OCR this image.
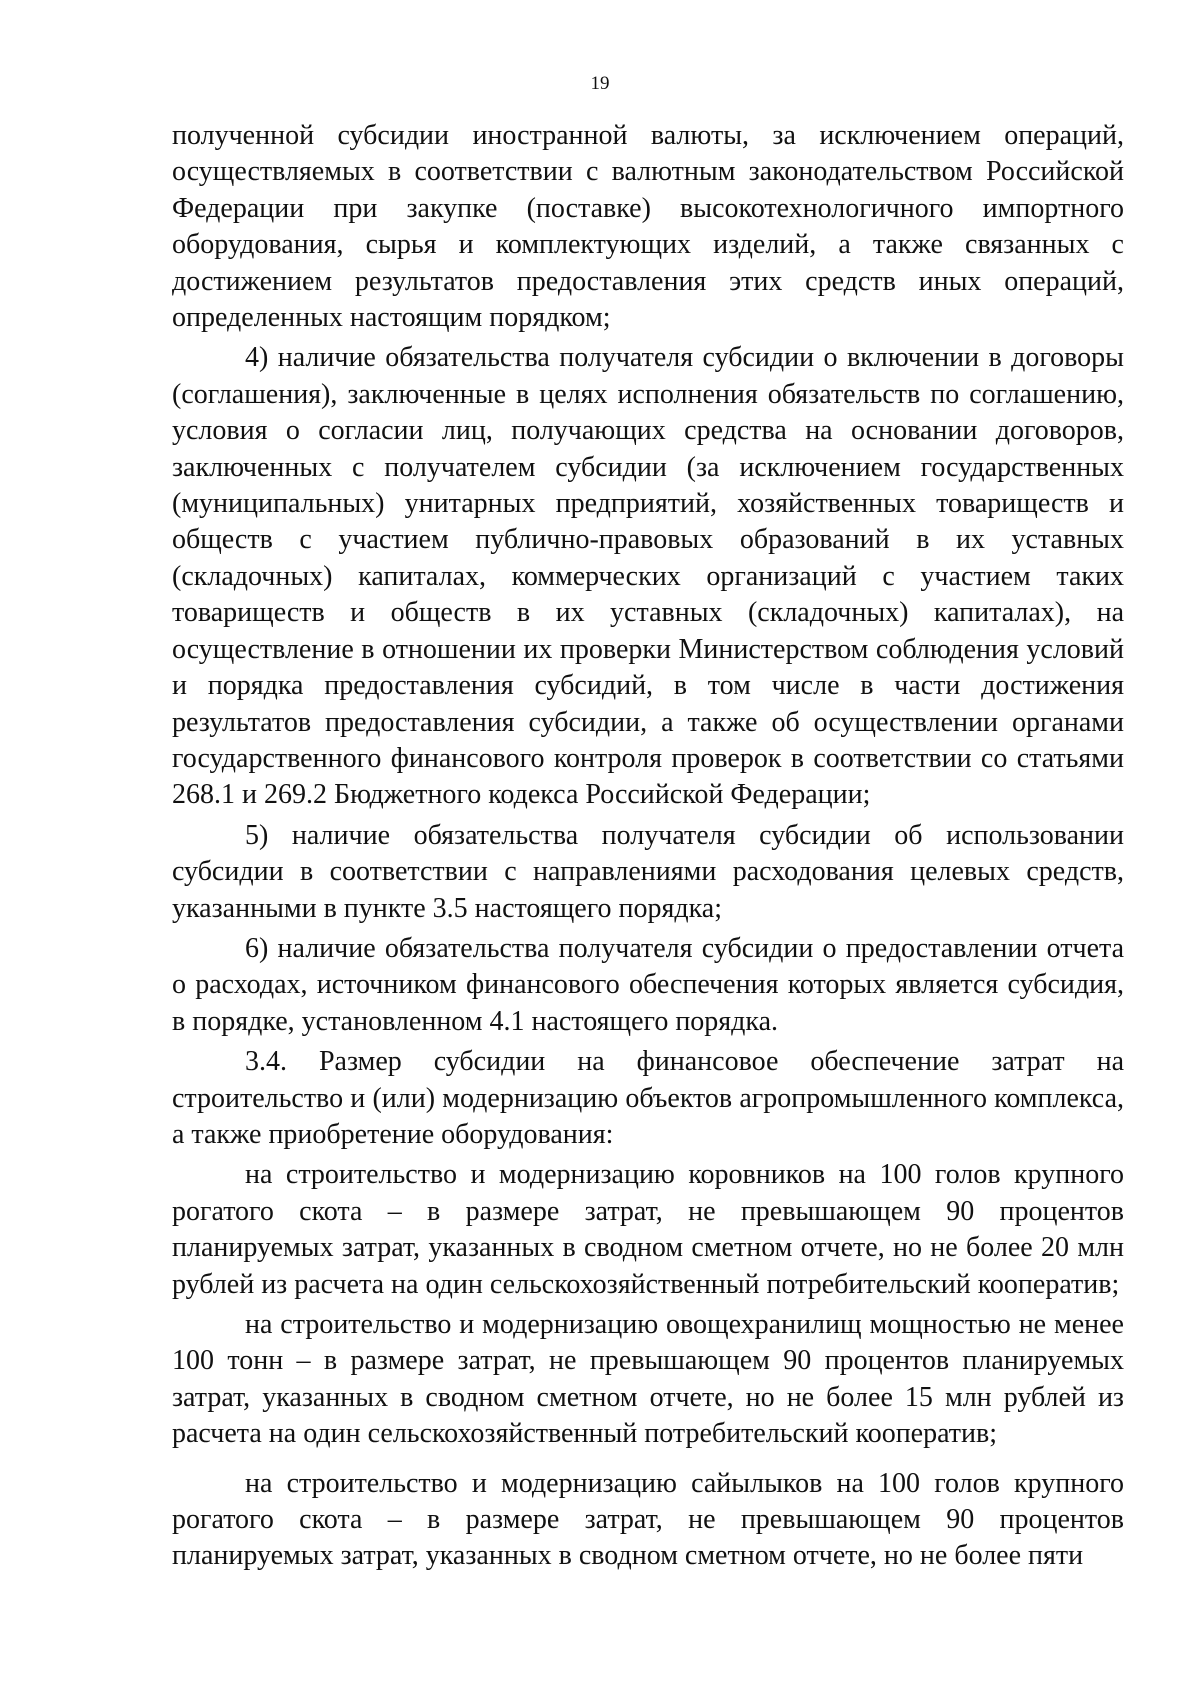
19

полученной субсидии иностранной валюты, за исключением операций, осуществляемых в соответствии с валютным законодательством Российской Федерации при закупке (поставке) высокотехнологичного импортного оборудования, сырья и комплектующих изделий, а также связанных с достижением результатов предоставления этих средств иных операций, определенных настоящим порядком;

4) наличие обязательства получателя субсидии о включении в договоры (соглашения), заключенные в целях исполнения обязательств по соглашению, условия о согласии лиц, получающих средства на основании договоров, заключенных с получателем субсидии (за исключением государственных (муниципальных) унитарных предприятий, хозяйственных товариществ и обществ с участием публично-правовых образований в их уставных (складочных) капиталах, коммерческих организаций с участием таких товариществ и обществ в их уставных (складочных) капиталах), на осуществление в отношении их проверки Министерством соблюдения условий и порядка предоставления субсидий, в том числе в части достижения результатов предоставления субсидии, а также об осуществлении органами государственного финансового контроля проверок в соответствии со статьями 268.1 и 269.2 Бюджетного кодекса Российской Федерации;

5) наличие обязательства получателя субсидии об использовании субсидии в соответствии с направлениями расходования целевых средств, указанными в пункте 3.5 настоящего порядка;

6) наличие обязательства получателя субсидии о предоставлении отчета о расходах, источником финансового обеспечения которых является субсидия, в порядке, установленном 4.1 настоящего порядка.

3.4. Размер субсидии на финансовое обеспечение затрат на строительство и (или) модернизацию объектов агропромышленного комплекса, а также приобретение оборудования:

на строительство и модернизацию коровников на 100 голов крупного рогатого скота – в размере затрат, не превышающем 90 процентов планируемых затрат, указанных в сводном сметном отчете, но не более 20 млн рублей из расчета на один сельскохозяйственный потребительский кооператив;

на строительство и модернизацию овощехранилищ мощностью не менее 100 тонн – в размере затрат, не превышающем 90 процентов планируемых затрат, указанных в сводном сметном отчете, но не более 15 млн рублей из расчета на один сельскохозяйственный потребительский кооператив;

на строительство и модернизацию сайылыков на 100 голов крупного рогатого скота – в размере затрат, не превышающем 90 процентов планируемых затрат, указанных в сводном сметном отчете, но не более пяти
